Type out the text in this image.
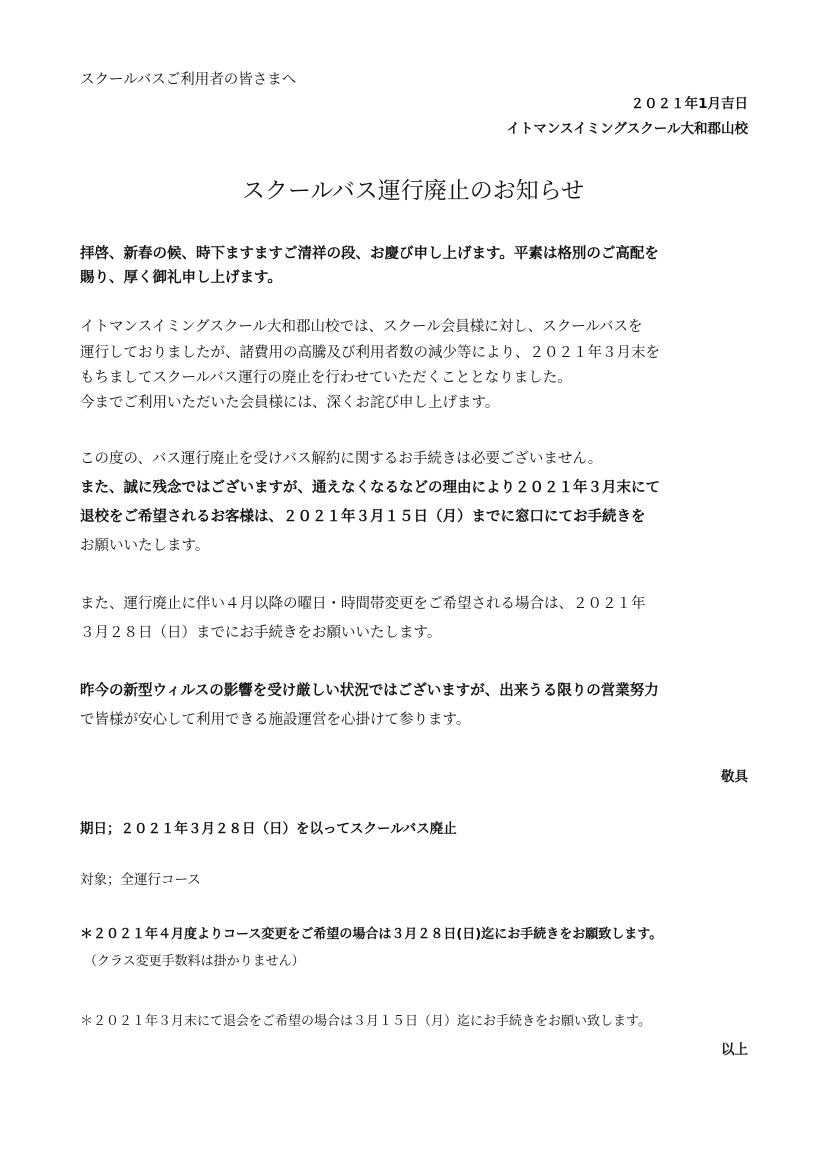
スクールバスご利用者の皆さまへ
２０２１年1月吉日
イトマンスイミングスクール大和郡山校
スクールバス運行廃止のお知らせ
拝啓、新春の候、時下ますますご清祥の段、お慶び申し上げます。平素は格別のご高配を
賜り、厚く御礼申し上げます。
イトマンスイミングスクール大和郡山校では、スクール会員様に対し、スクールバスを
運行しておりましたが、諸費用の高騰及び利用者数の減少等により、２０２１年３月末を
もちましてスクールバス運行の廃止を行わせていただくこととなりました。
今までご利用いただいた会員様には、深くお詫び申し上げます。
この度の、バス運行廃止を受けバス解約に関するお手続きは必要ございません。
また、誠に残念ではございますが、通えなくなるなどの理由により２０２１年３月末にて
退校をご希望されるお客様は、２０２１年３月１５日（月）までに窓口にてお手続きを
お願いいたします。
また、運行廃止に伴い４月以降の曜日・時間帯変更をご希望される場合は、２０２１年
３月２８日（日）までにお手続きをお願いいたします。
昨今の新型ウィルスの影響を受け厳しい状況ではございますが、出来うる限りの営業努力
で皆様が安心して利用できる施設運営を心掛けて参ります。
敬具
期日；２０２１年３月２８日（日）を以ってスクールバス廃止
対象；全運行コース
＊２０２１年４月度よりコース変更をご希望の場合は３月２８日(日)迄にお手続きをお願致します。
（クラス変更手数料は掛かりません）
＊２０２１年３月末にて退会をご希望の場合は３月１５日（月）迄にお手続きをお願い致します。
以上
